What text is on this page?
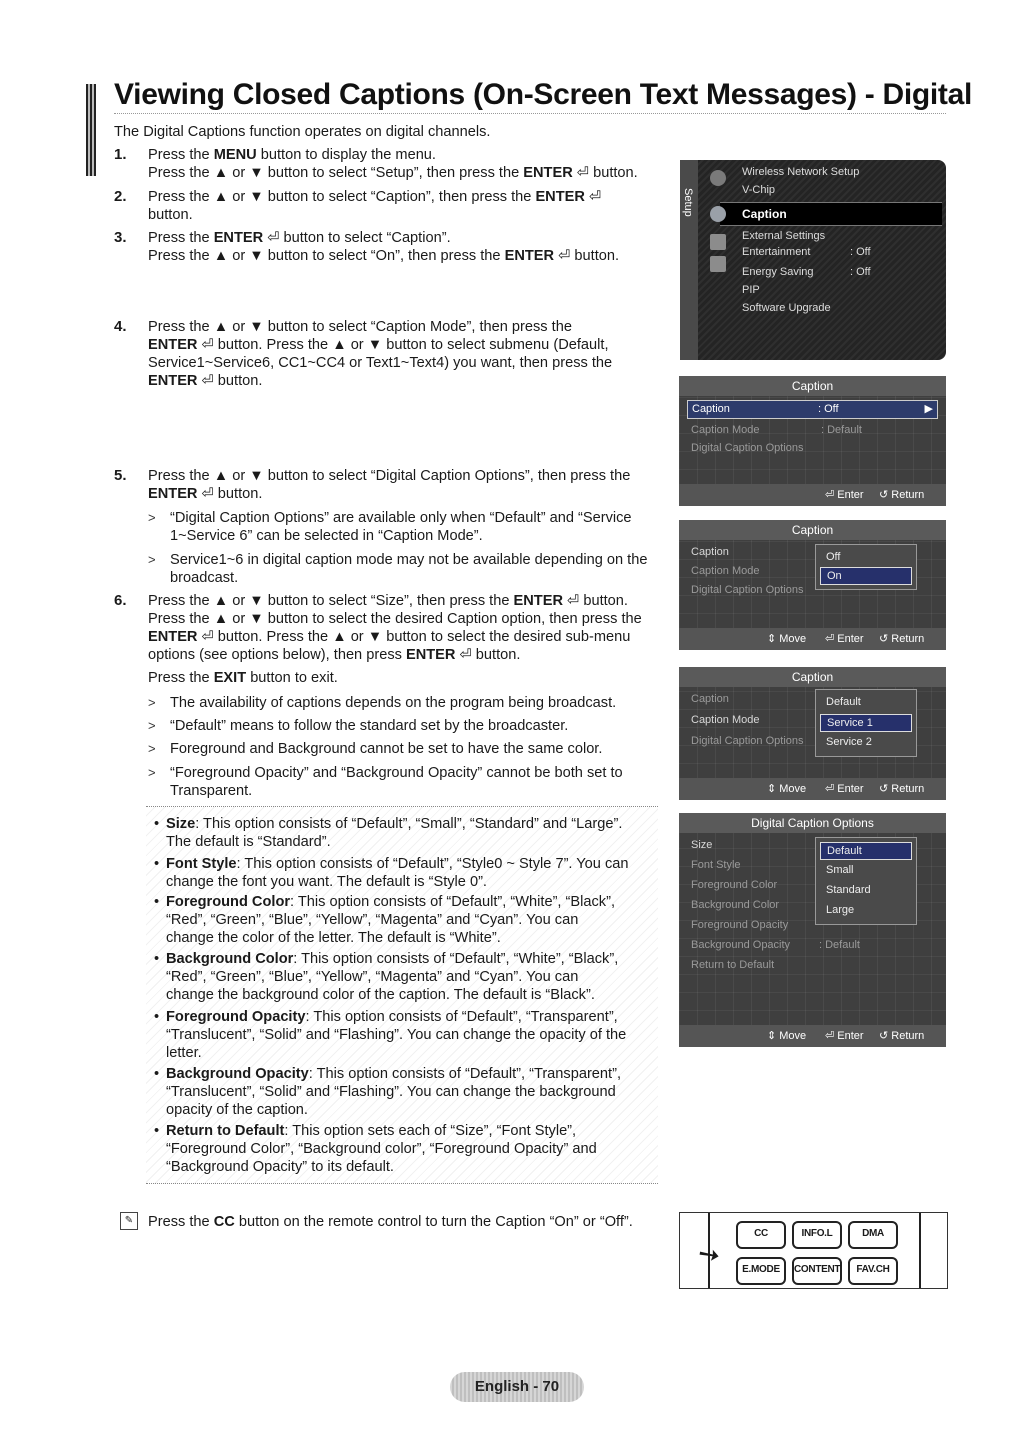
Viewing Closed Captions (On-Screen Text Messages) - Digital
The Digital Captions function operates on digital channels.
1.	Press the MENU button to display the menu.
Press the ▲ or ▼ button to select “Setup”, then press the ENTER ⏎ button.
2.	Press the ▲ or ▼ button to select “Caption”, then press the ENTER ⏎
button.
3.	Press the ENTER ⏎ button to select “Caption”.
Press the ▲ or ▼ button to select “On”, then press the ENTER ⏎ button.
4.	Press the ▲ or ▼ button to select “Caption Mode”, then press the
ENTER ⏎ button. Press the ▲ or ▼ button to select submenu (Default,
Service1~Service6, CC1~CC4 or Text1~Text4) you want, then press the
ENTER ⏎ button.
5.	Press the ▲ or ▼ button to select “Digital Caption Options”, then press the
ENTER ⏎ button.
> “Digital Caption Options” are available only when “Default” and “Service
1~Service 6” can be selected in “Caption Mode”.
> Service1~6 in digital caption mode may not be available depending on the
broadcast.
6.	Press the ▲ or ▼ button to select “Size”, then press the ENTER ⏎ button.
Press the ▲ or ▼ button to select the desired Caption option, then press the
ENTER ⏎ button. Press the ▲ or ▼ button to select the desired sub-menu
options (see options below), then press ENTER ⏎ button.
Press the EXIT button to exit.
> The availability of captions depends on the program being broadcast.
> “Default” means to follow the standard set by the broadcaster.
> Foreground and Background cannot be set to have the same color.
> “Foreground Opacity” and “Background Opacity” cannot be both set to
Transparent.
• Size: This option consists of “Default”, “Small”, “Standard” and “Large”.
The default is “Standard”.
• Font Style: This option consists of “Default”, “Style0 ~ Style 7”. You can
change the font you want. The default is “Style 0”.
• Foreground Color: This option consists of “Default”, “White”, “Black”,
“Red”, “Green”, “Blue”, “Yellow”, “Magenta” and “Cyan”. You can
change the color of the letter. The default is “White”.
• Background Color: This option consists of “Default”, “White”, “Black”,
“Red”, “Green”, “Blue”, “Yellow”, “Magenta” and “Cyan”. You can
change the background color of the caption. The default is “Black”.
• Foreground Opacity: This option consists of “Default”, “Transparent”,
“Translucent”, “Solid” and “Flashing”. You can change the opacity of the
letter.
• Background Opacity: This option consists of “Default”, “Transparent”,
“Translucent”, “Solid” and “Flashing”. You can change the background
opacity of the caption.
• Return to Default: This option sets each of “Size”, “Font Style”,
“Foreground Color”, “Background color”, “Foreground Opacity” and
“Background Opacity” to its default.
✎	Press the CC button on the remote control to turn the Caption “On” or “Off”.
Setup
Wireless Network Setup
V-Chip
Caption
External Settings
Entertainment	: Off
Energy Saving	: Off
PIP
Software Upgrade
Caption
Caption	: Off	▶
Caption Mode	: Default
Digital Caption Options
⏎ Enter ↺ Return
Caption
Caption
Caption Mode
Digital Caption Options
Off
On
⇕ Move ⏎ Enter ↺ Return
Caption
Caption
Caption Mode
Digital Caption Options
Default
Service 1
Service 2
⇕ Move ⏎ Enter ↺ Return
Digital Caption Options
Size
Font Style
Foreground Color
Background Color
Foreground Opacity
Background Opacity	: Default
Return to Default
Default
Small
Standard
Large
⇕ Move ⏎ Enter ↺ Return
➘
CC	INFO.L	DMA
E.MODE	CONTENT	FAV.CH
English - 70
